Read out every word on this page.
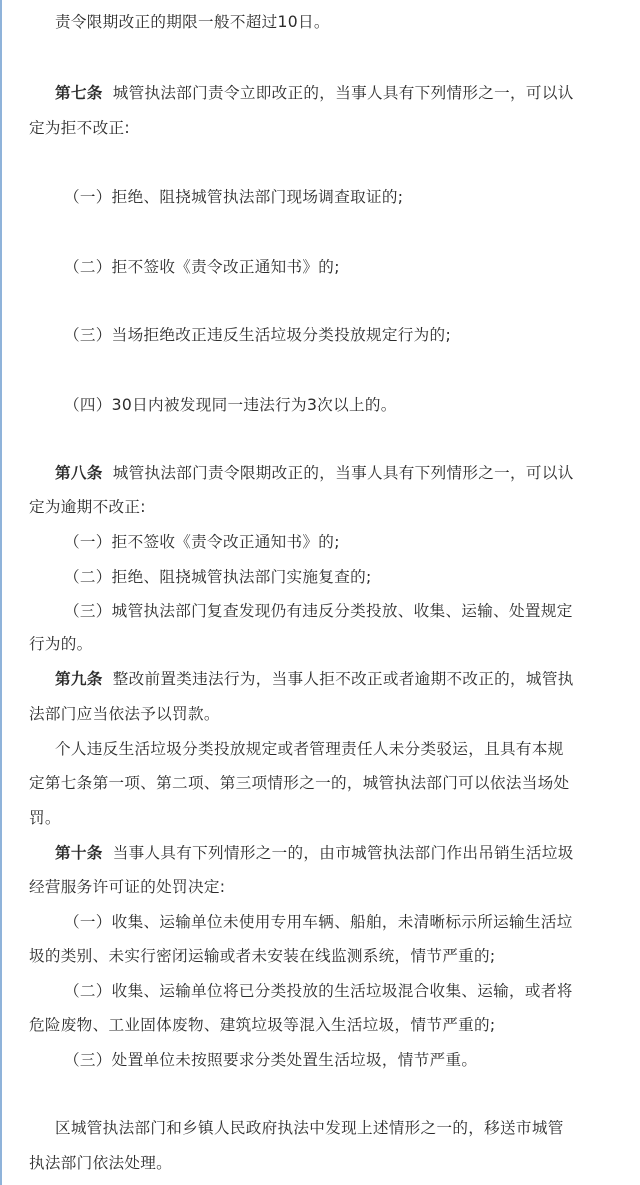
责令限期改正的期限一般不超过10日。

第七条 城管执法部门责令立即改正的，当事人具有下列情形之一，可以认

定为拒不改正:

（一）拒绝、阻挠城管执法部门现场调查取证的;

（二）拒不签收《责令改正通知书》的;

（三）当场拒绝改正违反生活垃圾分类投放规定行为的;

（四）30日内被发现同一违法行为3次以上的。

第八条 城管执法部门责令限期改正的，当事人具有下列情形之一，可以认

定为逾期不改正:

（一）拒不签收《责令改正通知书》的;

（二）拒绝、阻挠城管执法部门实施复查的;

（三）城管执法部门复查发现仍有违反分类投放、收集、运输、处置规定

行为的。

第九条 整改前置类违法行为，当事人拒不改正或者逾期不改正的，城管执

法部门应当依法予以罚款。

个人违反生活垃圾分类投放规定或者管理责任人未分类驳运，且具有本规

定第七条第一项、第二项、第三项情形之一的，城管执法部门可以依法当场处

罚。

第十条 当事人具有下列情形之一的，由市城管执法部门作出吊销生活垃圾

经营服务许可证的处罚决定:

（一）收集、运输单位未使用专用车辆、船舶，未清晰标示所运输生活垃

圾的类别、未实行密闭运输或者未安装在线监测系统，情节严重的;

（二）收集、运输单位将已分类投放的生活垃圾混合收集、运输，或者将

危险废物、工业固体废物、建筑垃圾等混入生活垃圾，情节严重的;

（三）处置单位未按照要求分类处置生活垃圾，情节严重。

区城管执法部门和乡镇人民政府执法中发现上述情形之一的，移送市城管

执法部门依法处理。
